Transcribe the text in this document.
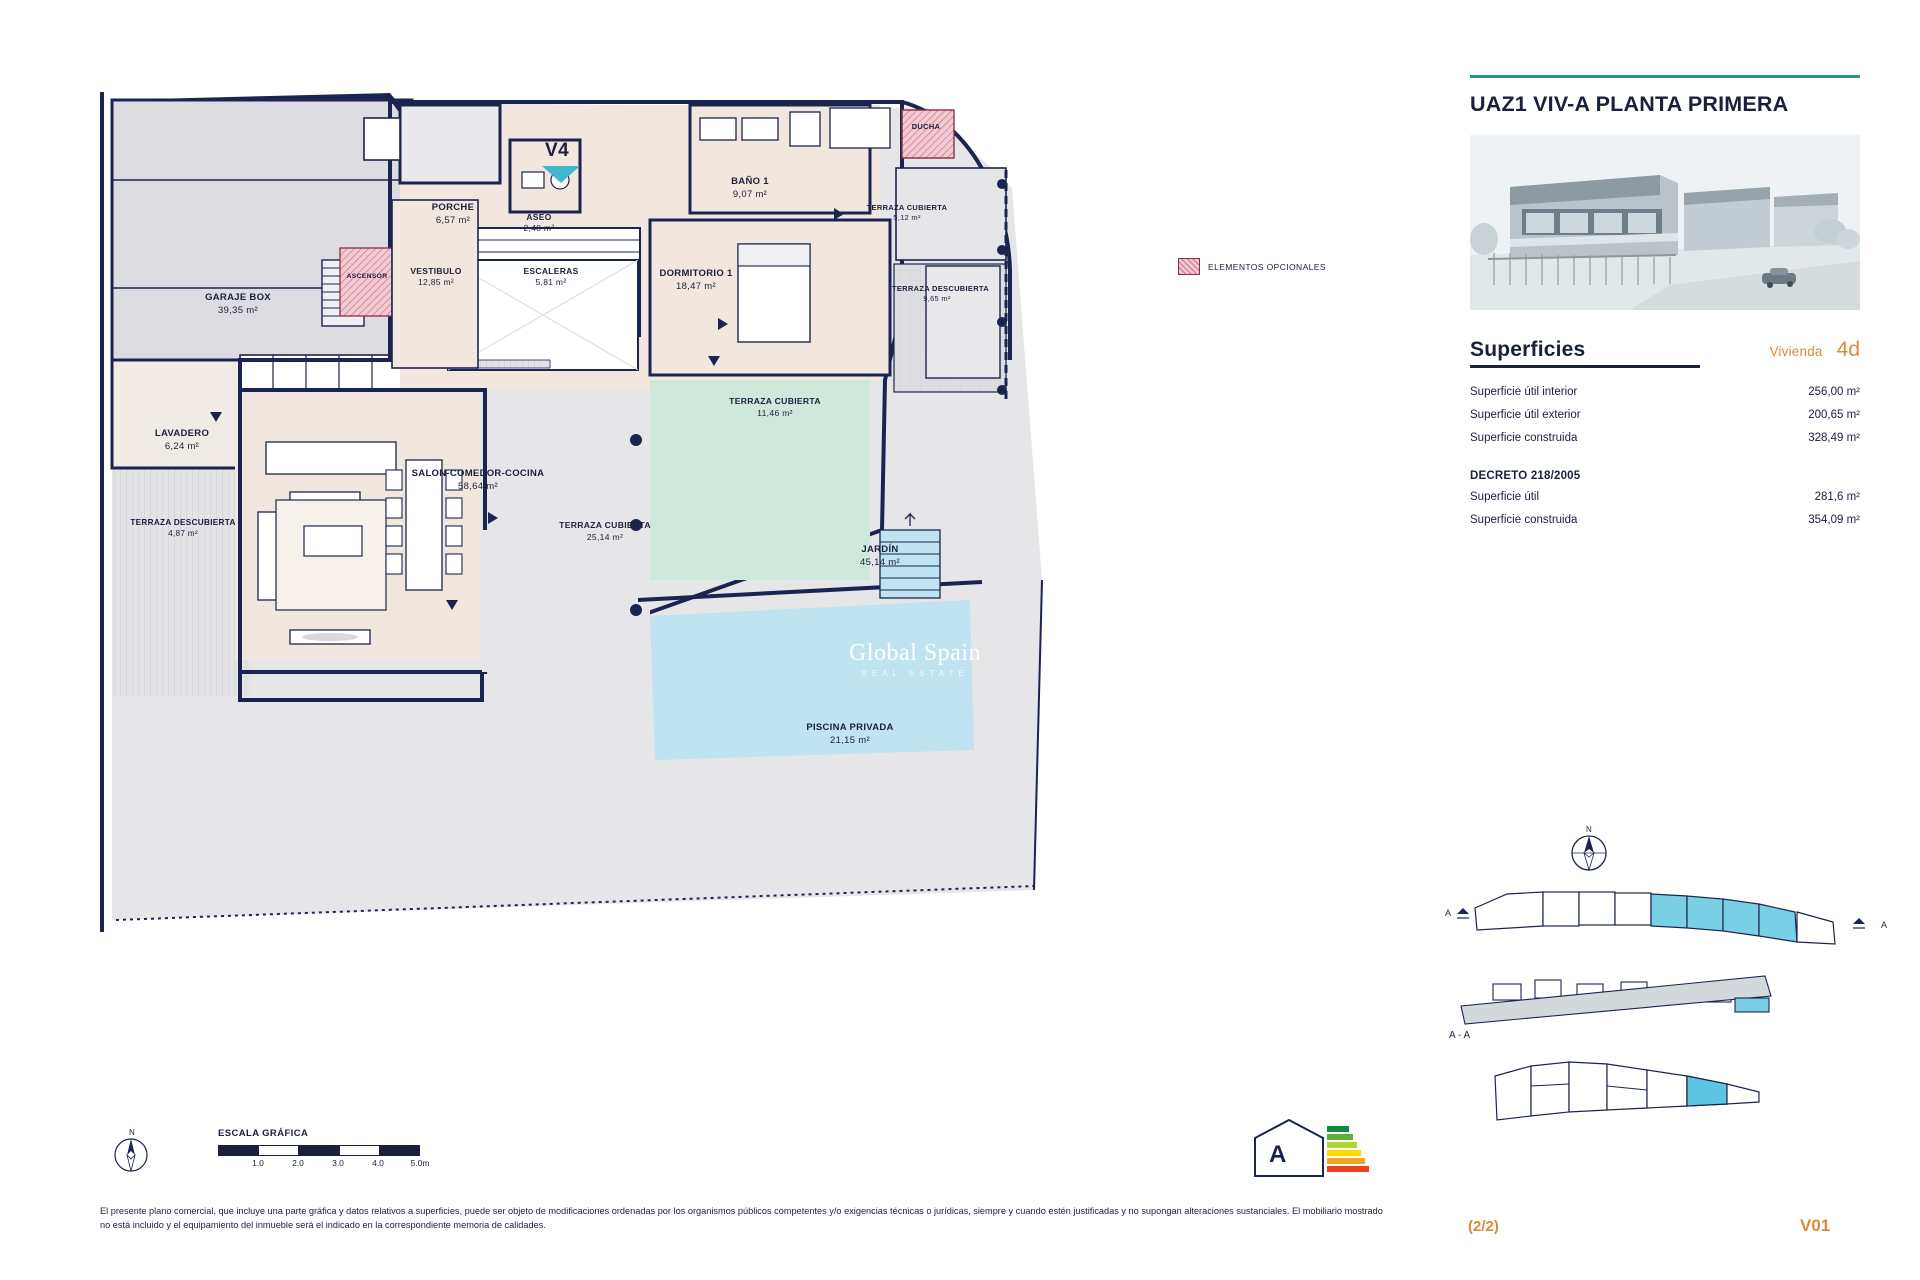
V4
GARAJE BOX
39,35 m²
PORCHE
6,57 m²	ASEO
2,48 m²
BAÑO 1
9,07 m²
DUCHA
TERRAZA CUBIERTA
5,12 m²
DORMITORIO 1
18,47 m²
ASCENSOR
VESTIBULO
12,85 m²
ESCALERAS
5,81 m²
TERRAZA DESCUBIERTA
9,65 m²
TERRAZA CUBIERTA
11,46 m²
LAVADERO
6,24 m²
TERRAZA DESCUBIERTA
4,87 m²
SALON-COMEDOR-COCINA
58,64 m²
TERRAZA CUBIERTA
25,14 m²
JARDÍN
45,14 m²
PISCINA PRIVADA
21,15 m²
Global Spain
REAL ESTATE
ELEMENTOS OPCIONALES
N	ESCALA GRÁFICA
1.0	2.0	3.0	4.0	5.0m	A
El presente plano comercial, que incluye una parte gráfica y datos relativos a superficies, puede ser objeto de modificaciones ordenadas por los organismos públicos competentes y/o exigencias técnicas o jurídicas, siempre y cuando estén justificadas y no supongan alteraciones sustanciales. El mobiliario mostrado no está incluido y el equipamiento del inmueble será el indicado en la correspondiente memoria de calidades.
UAZ1 VIV-A PLANTA PRIMERA
Superficies	Vivienda 4d
Superficie útil interior	256,00 m²
Superficie útil exterior	200,65 m²
Superficie construida	328,49 m²
DECRETO 218/2005
Superficie útil	281,6 m²
Superficie construida	354,09 m²
N
A
A
A - A
(2/2)	V01
